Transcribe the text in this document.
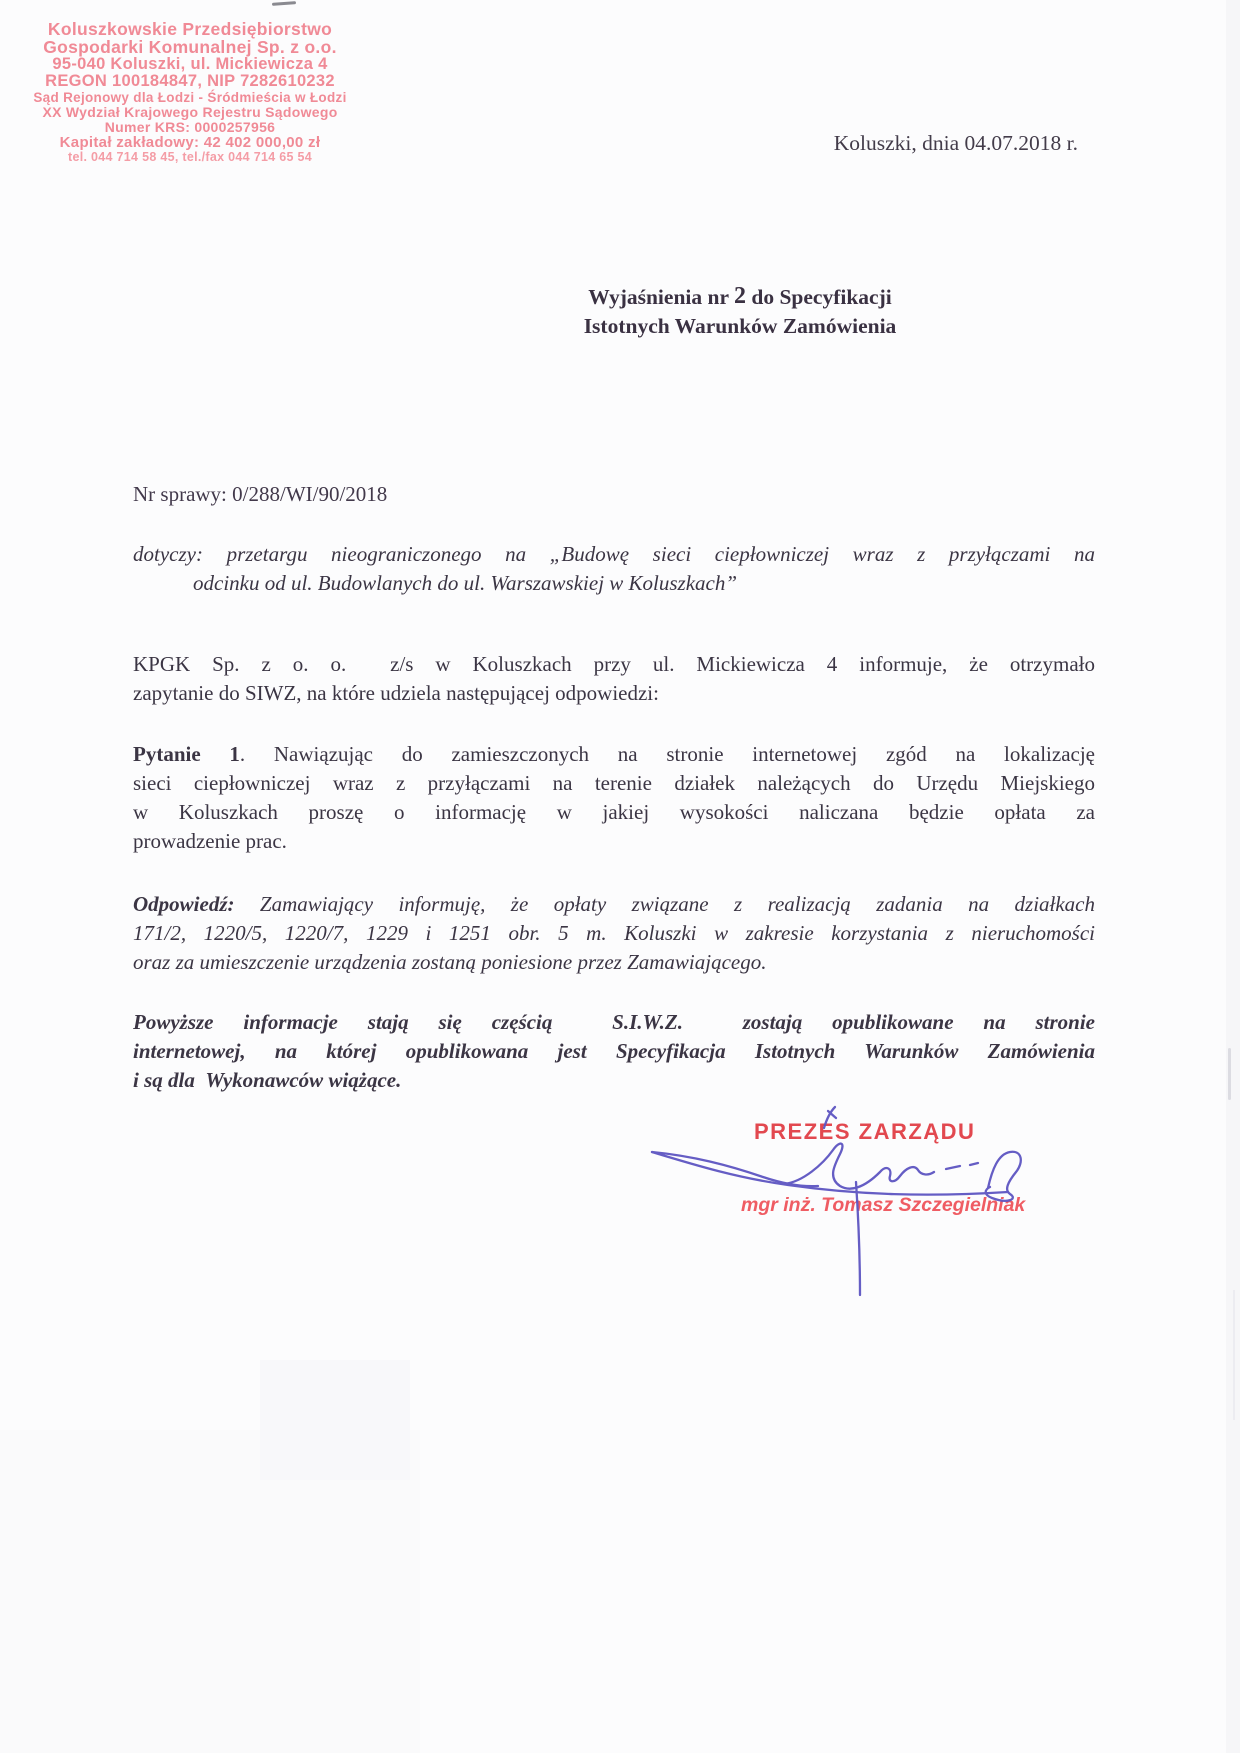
Koluszkowskie Przedsiębiorstwo
Gospodarki Komunalnej Sp. z o.o.
95-040 Koluszki, ul. Mickiewicza 4
REGON 100184847, NIP 7282610232
Sąd Rejonowy dla Łodzi - Śródmieścia w Łodzi
XX Wydział Krajowego Rejestru Sądowego
Numer KRS: 0000257956
Kapitał zakładowy: 42 402 000,00 zł
tel. 044 714 58 45, tel./fax 044 714 65 54
Koluszki, dnia 04.07.2018 r.
Wyjaśnienia nr 2 do Specyfikacji
Istotnych Warunków Zamówienia
Nr sprawy: 0/288/WI/90/2018
dotyczy: przetargu nieograniczonego na „Budowę sieci ciepłowniczej wraz z przyłączami na
odcinku od ul. Budowlanych do ul. Warszawskiej w Koluszkach”
KPGK Sp. z o. o.  z/s w Koluszkach przy ul. Mickiewicza 4 informuje, że otrzymało
zapytanie do SIWZ, na które udziela następującej odpowiedzi:
Pytanie 1. Nawiązując do zamieszczonych na stronie internetowej zgód na lokalizację
sieci ciepłowniczej wraz z przyłączami na terenie działek należących do Urzędu Miejskiego
w Koluszkach proszę o informację w jakiej wysokości naliczana będzie opłata za
prowadzenie prac.
Odpowiedź: Zamawiający informuję, że opłaty związane z realizacją zadania na działkach
171/2, 1220/5, 1220/7, 1229 i 1251 obr. 5 m. Koluszki w zakresie korzystania z nieruchomości
oraz za umieszczenie urządzenia zostaną poniesione przez Zamawiającego.
Powyższe informacje stają się częścią  S.I.W.Z.  zostają opublikowane na stronie
internetowej, na której opublikowana jest Specyfikacja Istotnych Warunków Zamówienia
i są dla  Wykonawców wiążące.
PREZES ZARZĄDU
mgr inż. Tomasz Szczegielniak
